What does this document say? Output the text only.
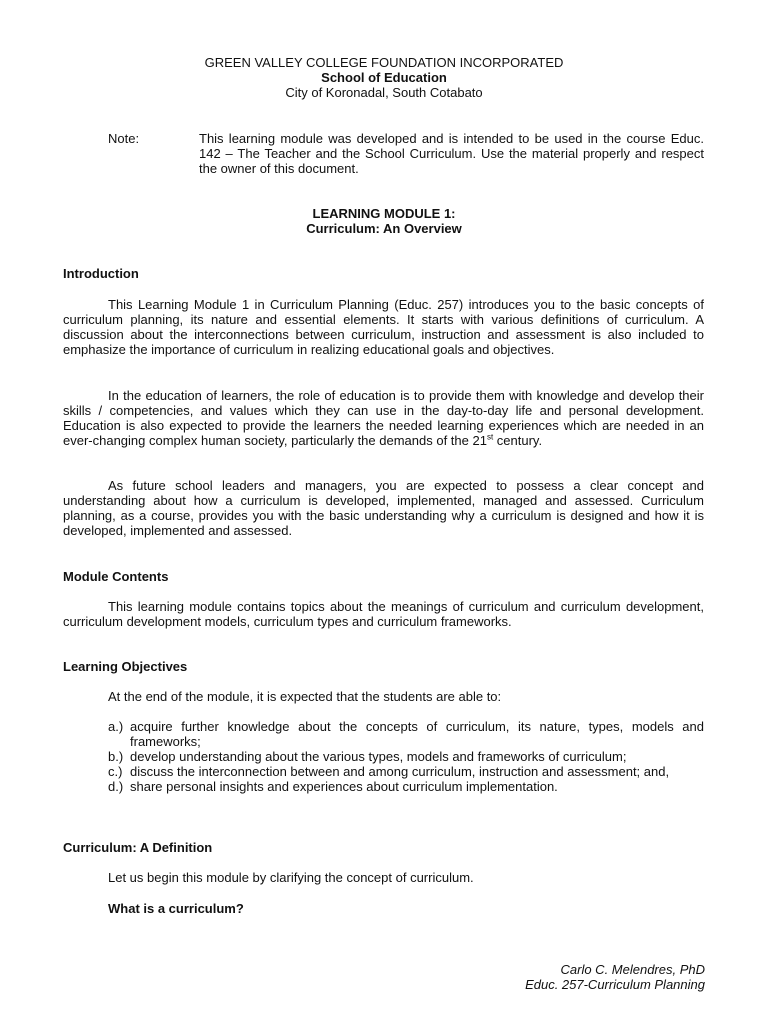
GREEN VALLEY COLLEGE FOUNDATION INCORPORATED
School of Education
City of Koronadal, South Cotabato
Note:	This learning module was developed and is intended to be used in the course Educ. 142 – The Teacher and the School Curriculum. Use the material properly and respect the owner of this document.
LEARNING MODULE 1:
Curriculum: An Overview
Introduction
This Learning Module 1 in Curriculum Planning (Educ. 257) introduces you to the basic concepts of curriculum planning, its nature and essential elements. It starts with various definitions of curriculum. A discussion about the interconnections between curriculum, instruction and assessment is also included to emphasize the importance of curriculum in realizing educational goals and objectives.
In the education of learners, the role of education is to provide them with knowledge and develop their skills / competencies, and values which they can use in the day-to-day life and personal development. Education is also expected to provide the learners the needed learning experiences which are needed in an ever-changing complex human society, particularly the demands of the 21st century.
As future school leaders and managers, you are expected to possess a clear concept and understanding about how a curriculum is developed, implemented, managed and assessed. Curriculum planning, as a course, provides you with the basic understanding why a curriculum is designed and how it is developed, implemented and assessed.
Module Contents
This learning module contains topics about the meanings of curriculum and curriculum development, curriculum development models, curriculum types and curriculum frameworks.
Learning Objectives
At the end of the module, it is expected that the students are able to:
a.) acquire further knowledge about the concepts of curriculum, its nature, types, models and frameworks;
b.) develop understanding about the various types, models and frameworks of curriculum;
c.) discuss the interconnection between and among curriculum, instruction and assessment; and,
d.) share personal insights and experiences about curriculum implementation.
Curriculum: A Definition
Let us begin this module by clarifying the concept of curriculum.
What is a curriculum?
Carlo C. Melendres, PhD
Educ. 257-Curriculum Planning
